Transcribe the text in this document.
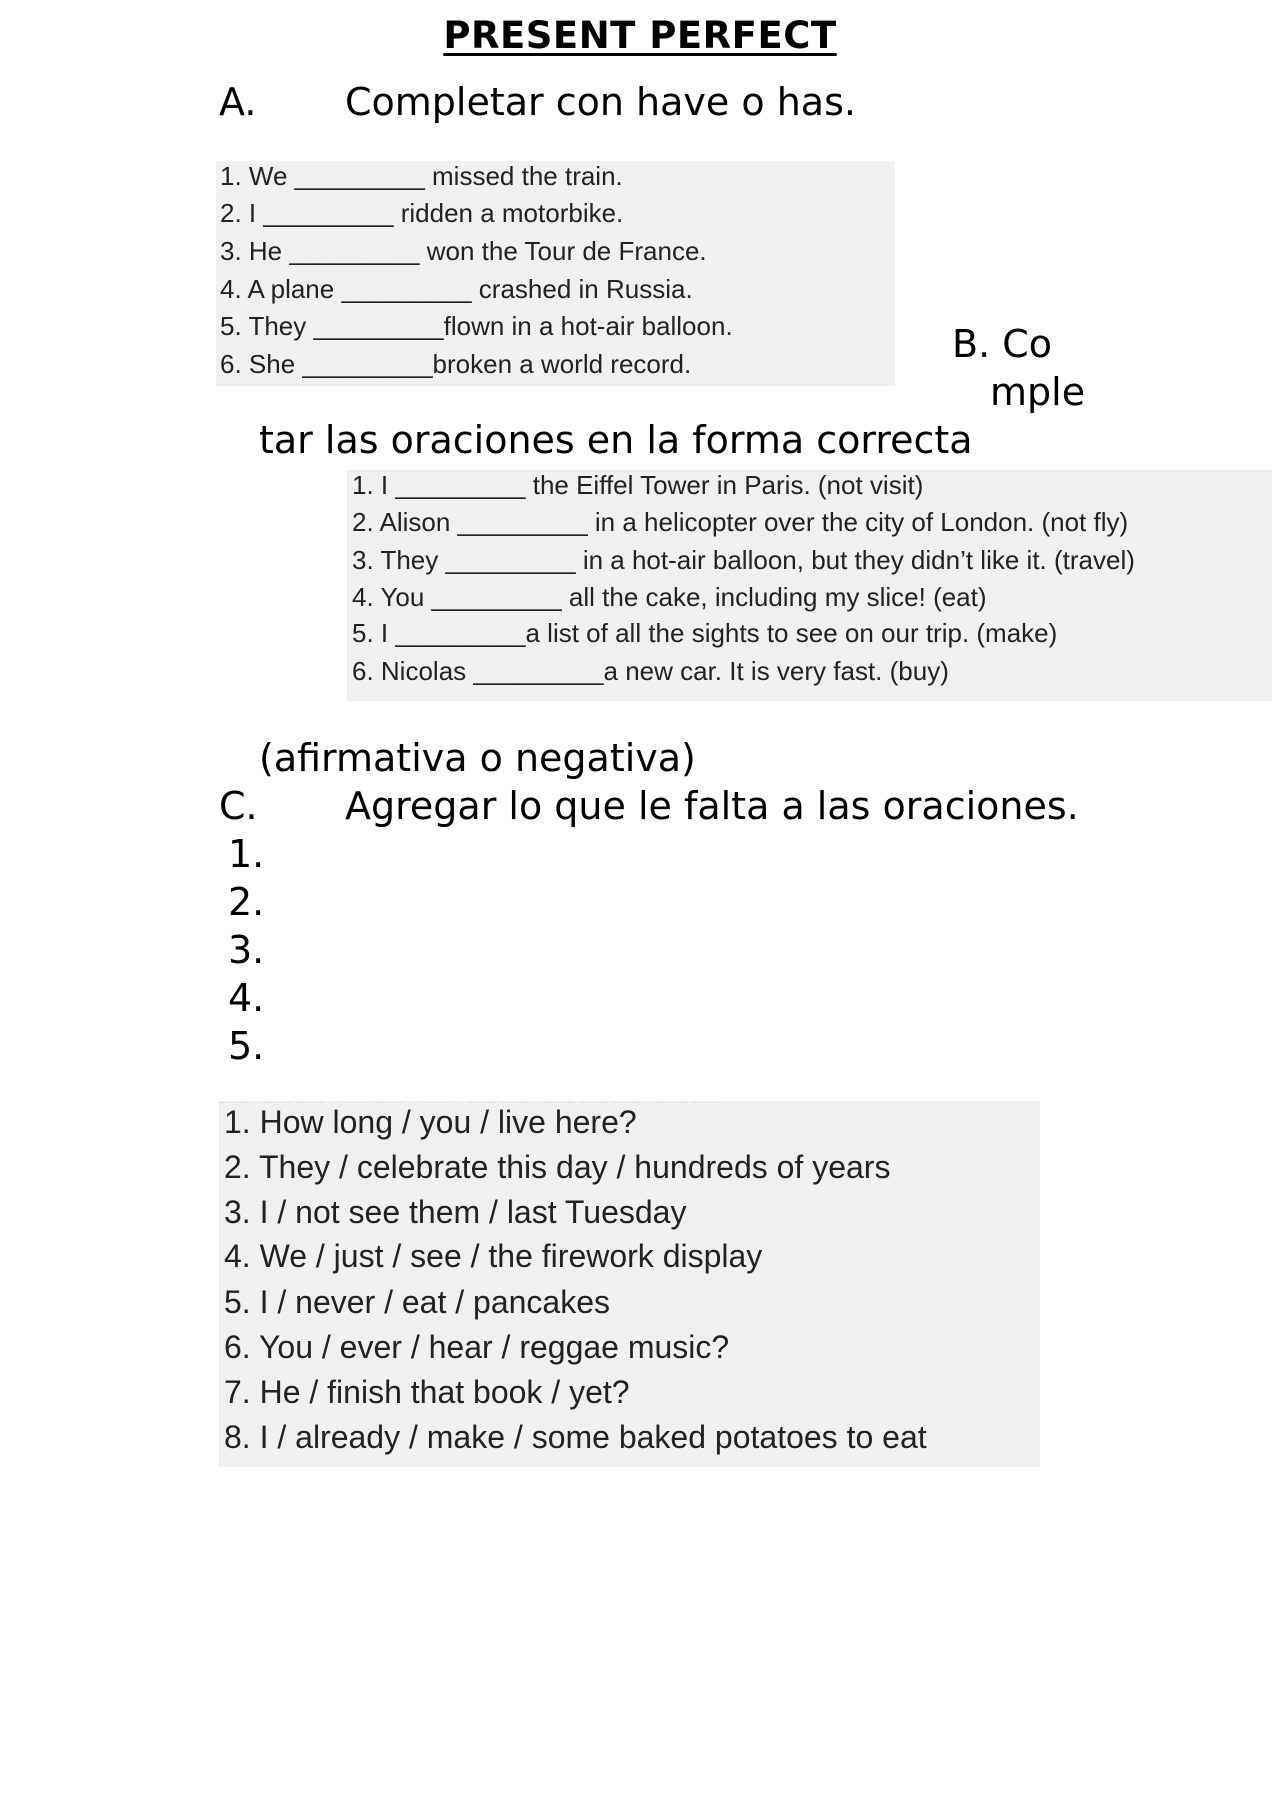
PRESENT PERFECT
A. Completar con have o has.
1. We _________ missed the train.
2. I _________ ridden a motorbike.
3. He _________ won the Tour de France.
4. A plane _________ crashed in Russia.
5. They _________flown in a hot-air balloon.
6. She _________broken a world record.	B. Co
mple
tar las oraciones en la forma correcta
1. I _________ the Eiffel Tower in Paris. (not visit)
2. Alison _________ in a helicopter over the city of London. (not fly)
3. They _________ in a hot-air balloon, but they didn’t like it. (travel)
4. You _________ all the cake, including my slice! (eat)
5. I _________a list of all the sights to see on our trip. (make)
6. Nicolas _________a new car. It is very fast. (buy)
(afirmativa o negativa)
C. Agregar lo que le falta a las oraciones.
1.
2.
3.
4.
5.
1. How long / you / live here?
2. They / celebrate this day / hundreds of years
3. I / not see them / last Tuesday
4. We / just / see / the firework display
5. I / never / eat / pancakes
6. You / ever / hear / reggae music?
7. He / finish that book / yet?
8. I / already / make / some baked potatoes to eat
